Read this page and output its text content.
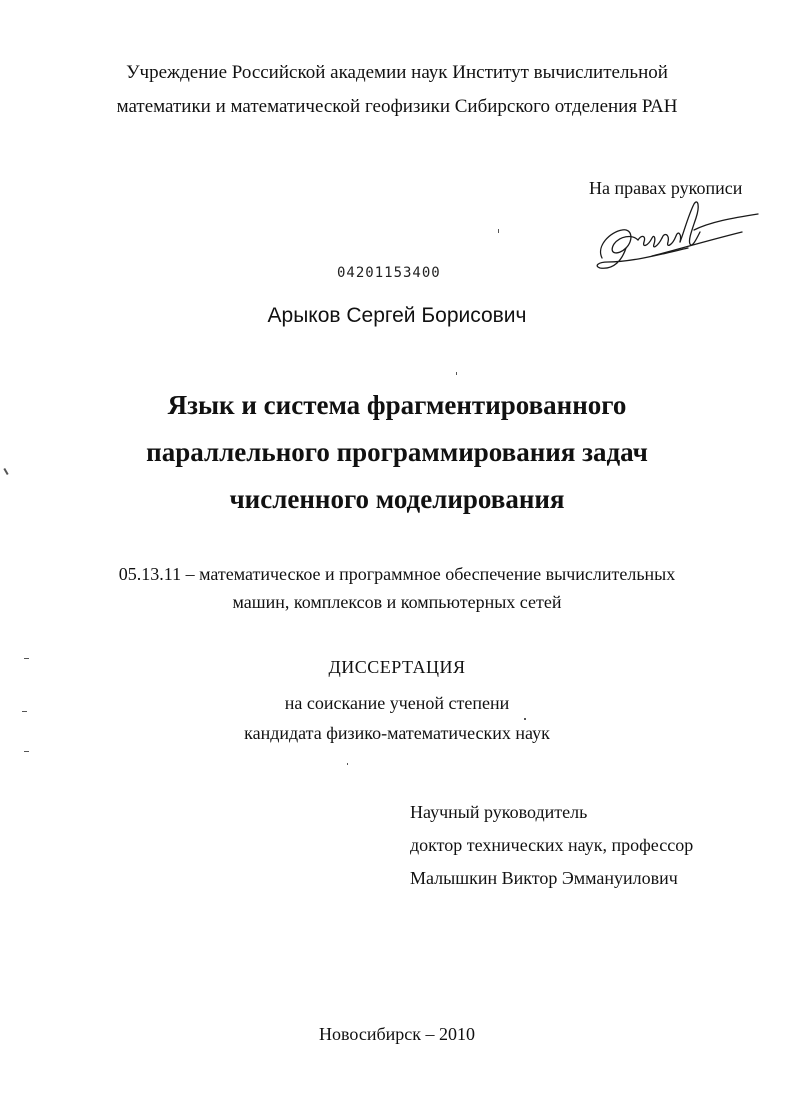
Учреждение Российской академии наук Институт вычислительной
математики и математической геофизики Сибирского отделения РАН
На правах рукописи
04201153400
Арыков Сергей Борисович
Язык и система фрагментированного
параллельного программирования задач
численного моделирования
05.13.11 – математическое и программное обеспечение вычислительных
машин, комплексов и компьютерных сетей
ДИССЕРТАЦИЯ
на соискание ученой степени
кандидата физико-математических наук
Научный руководитель
доктор технических наук, профессор
Малышкин Виктор Эммануилович
Новосибирск – 2010
